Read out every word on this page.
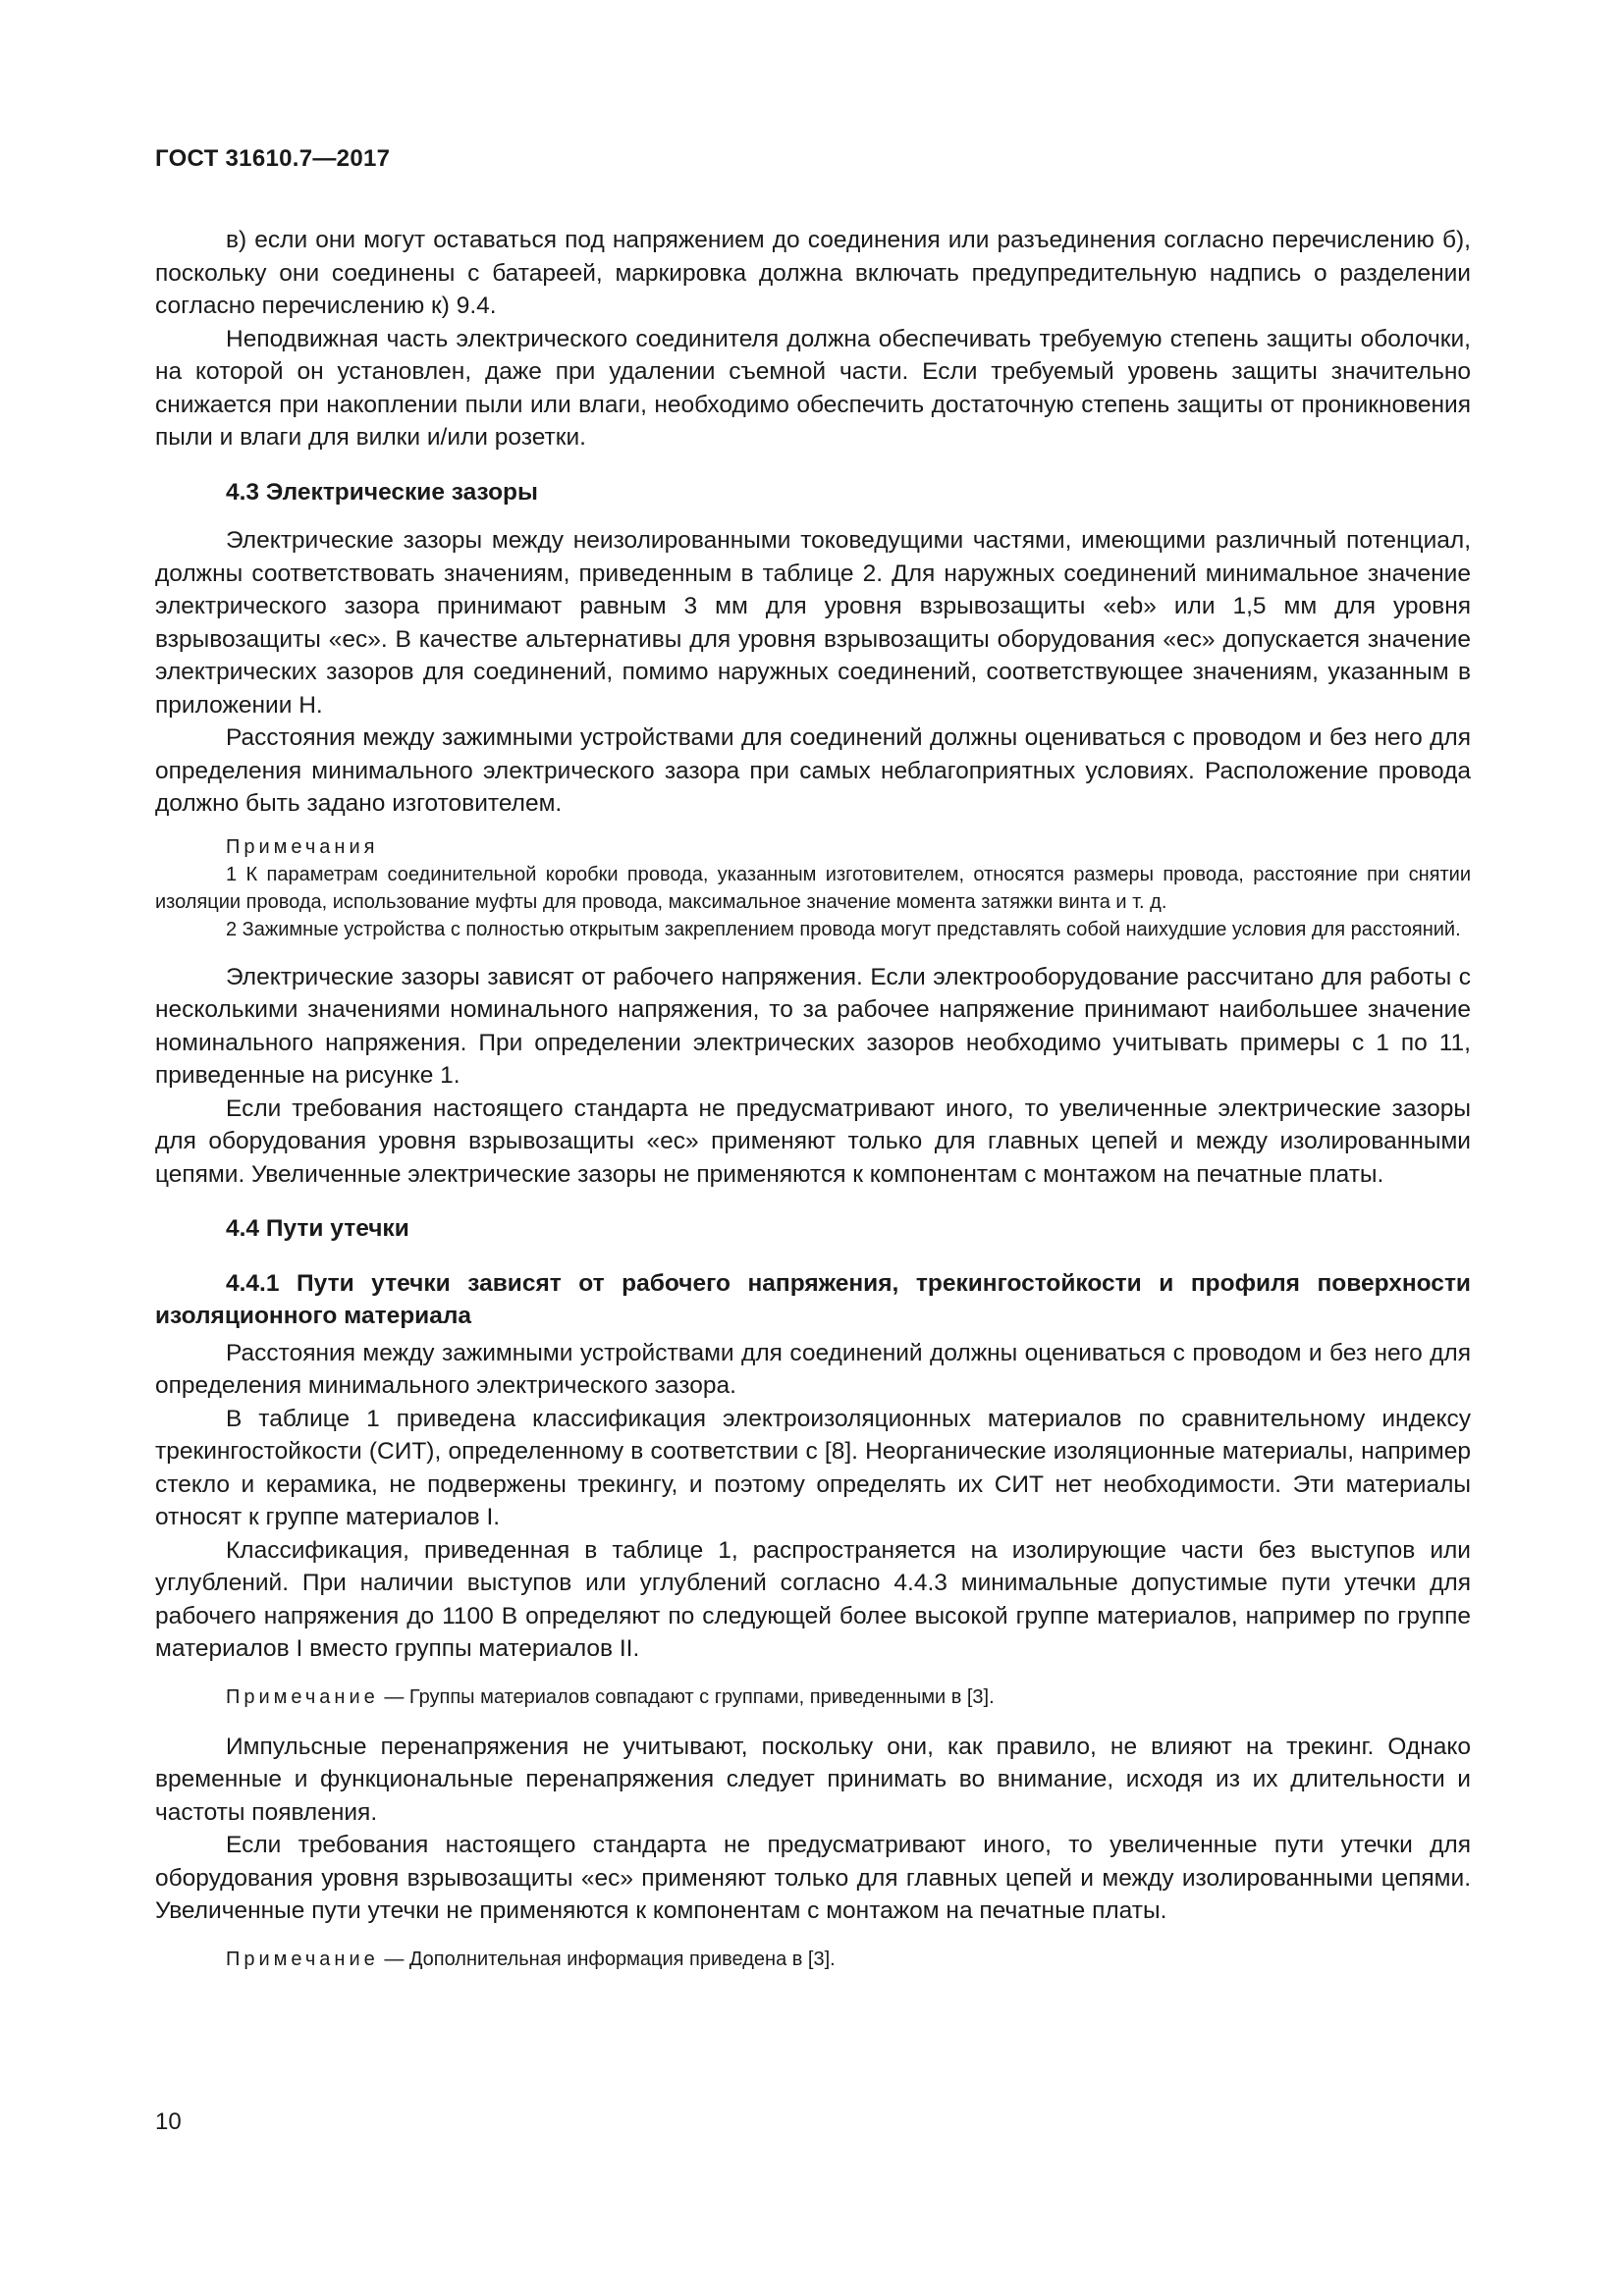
ГОСТ 31610.7—2017

в) если они могут оставаться под напряжением до соединения или разъединения согласно перечислению б), поскольку они соединены с батареей, маркировка должна включать предупредительную надпись о разделении согласно перечислению к) 9.4.

Неподвижная часть электрического соединителя должна обеспечивать требуемую степень защиты оболочки, на которой он установлен, даже при удалении съемной части. Если требуемый уровень защиты значительно снижается при накоплении пыли или влаги, необходимо обеспечить достаточную степень защиты от проникновения пыли и влаги для вилки и/или розетки.

4.3 Электрические зазоры

Электрические зазоры между неизолированными токоведущими частями, имеющими различный потенциал, должны соответствовать значениям, приведенным в таблице 2. Для наружных соединений минимальное значение электрического зазора принимают равным 3 мм для уровня взрывозащиты «eb» или 1,5 мм для уровня взрывозащиты «ec». В качестве альтернативы для уровня взрывозащиты оборудования «ec» допускается значение электрических зазоров для соединений, помимо наружных соединений, соответствующее значениям, указанным в приложении Н.

Расстояния между зажимными устройствами для соединений должны оцениваться с проводом и без него для определения минимального электрического зазора при самых неблагоприятных условиях. Расположение провода должно быть задано изготовителем.

Примечания

1 К параметрам соединительной коробки провода, указанным изготовителем, относятся размеры провода, расстояние при снятии изоляции провода, использование муфты для провода, максимальное значение момента затяжки винта и т. д.

2 Зажимные устройства с полностью открытым закреплением провода могут представлять собой наихудшие условия для расстояний.

Электрические зазоры зависят от рабочего напряжения. Если электрооборудование рассчитано для работы с несколькими значениями номинального напряжения, то за рабочее напряжение принимают наибольшее значение номинального напряжения. При определении электрических зазоров необходимо учитывать примеры с 1 по 11, приведенные на рисунке 1.

Если требования настоящего стандарта не предусматривают иного, то увеличенные электрические зазоры для оборудования уровня взрывозащиты «ec» применяют только для главных цепей и между изолированными цепями. Увеличенные электрические зазоры не применяются к компонентам с монтажом на печатные платы.

4.4 Пути утечки
4.4.1 Пути утечки зависят от рабочего напряжения, трекингостойкости и профиля поверхности изоляционного материала

Расстояния между зажимными устройствами для соединений должны оцениваться с проводом и без него для определения минимального электрического зазора.

В таблице 1 приведена классификация электроизоляционных материалов по сравнительному индексу трекингостойкости (СИТ), определенному в соответствии с [8]. Неорганические изоляционные материалы, например стекло и керамика, не подвержены трекингу, и поэтому определять их СИТ нет необходимости. Эти материалы относят к группе материалов I.

Классификация, приведенная в таблице 1, распространяется на изолирующие части без выступов или углублений. При наличии выступов или углублений согласно 4.4.3 минимальные допустимые пути утечки для рабочего напряжения до 1100 В определяют по следующей более высокой группе материалов, например по группе материалов I вместо группы материалов II.

Примечание — Группы материалов совпадают с группами, приведенными в [3].

Импульсные перенапряжения не учитывают, поскольку они, как правило, не влияют на трекинг. Однако временные и функциональные перенапряжения следует принимать во внимание, исходя из их длительности и частоты появления.

Если требования настоящего стандарта не предусматривают иного, то увеличенные пути утечки для оборудования уровня взрывозащиты «ec» применяют только для главных цепей и между изолированными цепями. Увеличенные пути утечки не применяются к компонентам с монтажом на печатные платы.

Примечание — Дополнительная информация приведена в [3].
10
